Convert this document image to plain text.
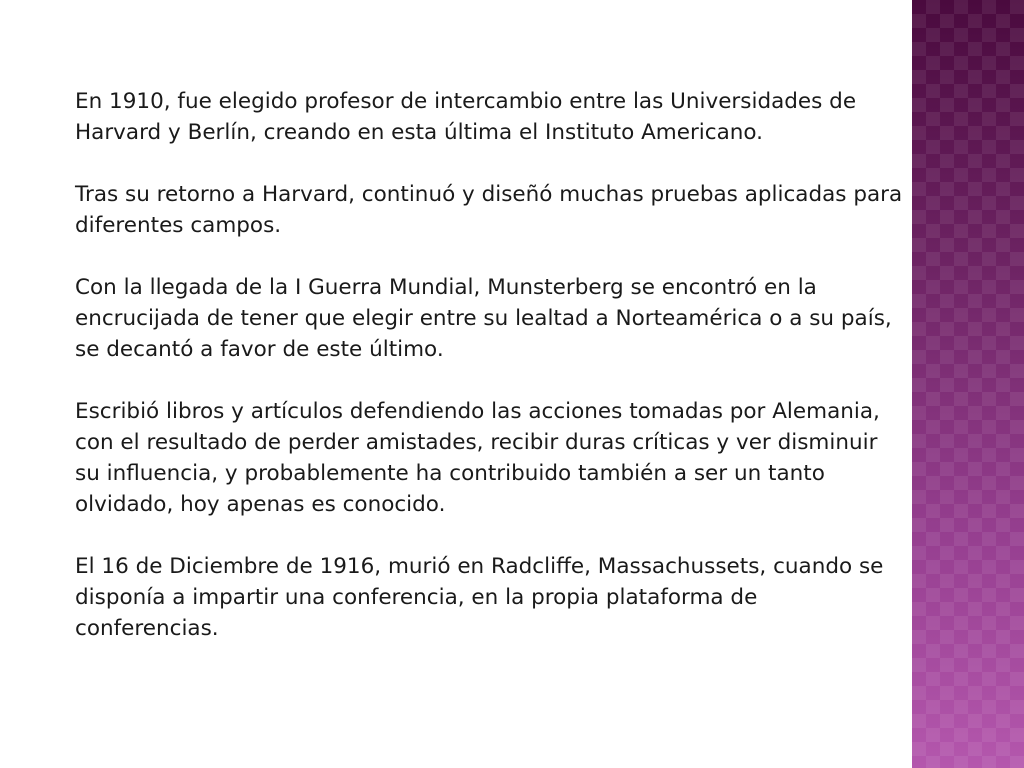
En 1910, fue elegido profesor de intercambio entre las Universidades de Harvard y Berlín, creando en esta última el Instituto Americano.

Tras su retorno a Harvard, continuó y diseñó muchas pruebas aplicadas para diferentes campos.

Con la llegada de la I Guerra Mundial, Munsterberg se encontró en la encrucijada de tener que elegir entre su lealtad a Norteamérica o a su país, se decantó a favor de este último.

Escribió libros y artículos defendiendo las acciones tomadas por Alemania, con el resultado de perder amistades, recibir duras críticas y ver disminuir su influencia, y probablemente ha contribuido también a ser un tanto olvidado, hoy apenas es conocido.

El 16 de Diciembre de 1916, murió en Radcliffe, Massachussets, cuando se disponía a impartir una conferencia, en la propia plataforma de conferencias.
